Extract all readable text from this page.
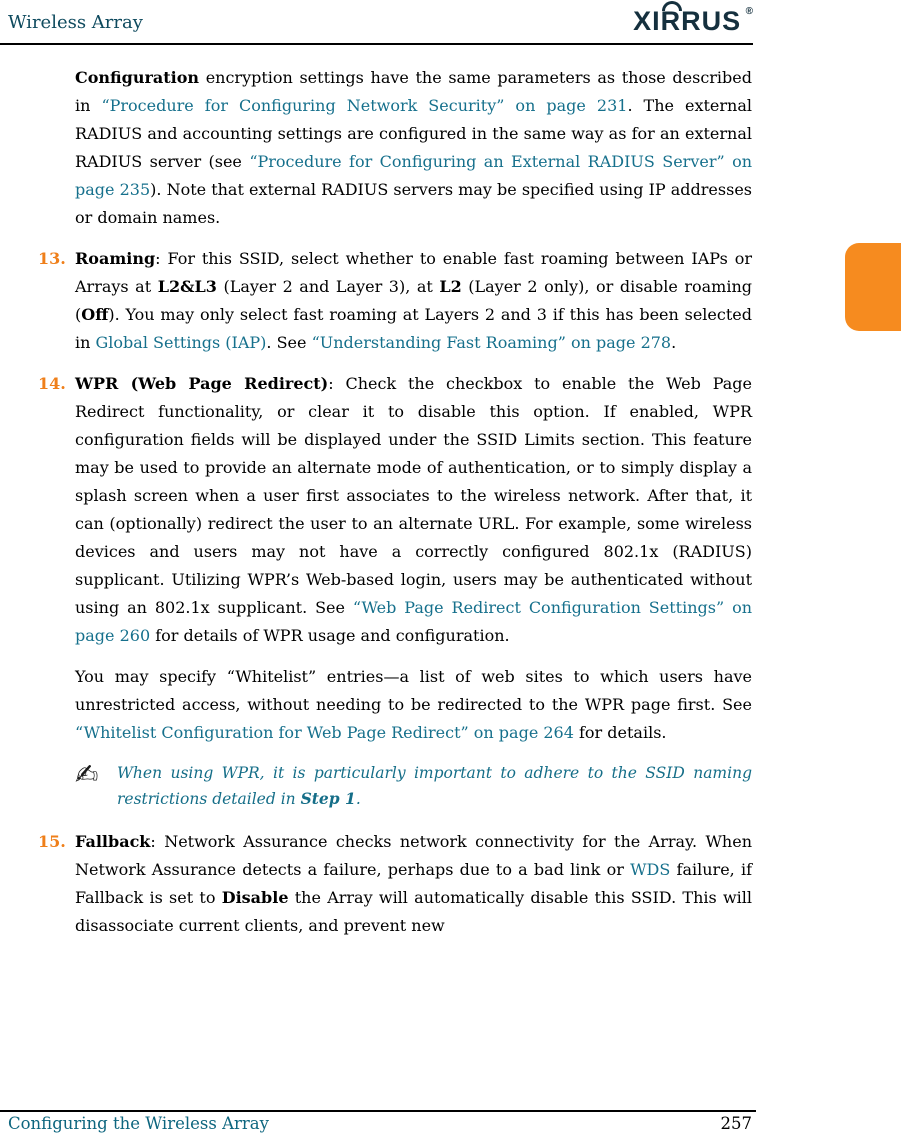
Wireless Array	XIRRUS ®

Configuration encryption settings have the same parameters as those described in “Procedure for Configuring Network Security” on page 231. The external RADIUS and accounting settings are configured in the same way as for an external RADIUS server (see “Procedure for Configuring an External RADIUS Server” on page 235). Note that external RADIUS servers may be specified using IP addresses or domain names.

13. Roaming: For this SSID, select whether to enable fast roaming between IAPs or Arrays at L2&L3 (Layer 2 and Layer 3), at L2 (Layer 2 only), or disable roaming (Off). You may only select fast roaming at Layers 2 and 3 if this has been selected in Global Settings (IAP). See “Understanding Fast Roaming” on page 278.

14. WPR (Web Page Redirect): Check the checkbox to enable the Web Page Redirect functionality, or clear it to disable this option. If enabled, WPR configuration fields will be displayed under the SSID Limits section. This feature may be used to provide an alternate mode of authentication, or to simply display a splash screen when a user first associates to the wireless network. After that, it can (optionally) redirect the user to an alternate URL. For example, some wireless devices and users may not have a correctly configured 802.1x (RADIUS) supplicant. Utilizing WPR’s Web-based login, users may be authenticated without using an 802.1x supplicant. See “Web Page Redirect Configuration Settings” on page 260 for details of WPR usage and configuration.

You may specify “Whitelist” entries—a list of web sites to which users have unrestricted access, without needing to be redirected to the WPR page first. See “Whitelist Configuration for Web Page Redirect” on page 264 for details.

✍	When using WPR, it is particularly important to adhere to the SSID naming restrictions detailed in Step 1.

15. Fallback: Network Assurance checks network connectivity for the Array. When Network Assurance detects a failure, perhaps due to a bad link or WDS failure, if Fallback is set to Disable the Array will automatically disable this SSID. This will disassociate current clients, and prevent new

Configuring the Wireless Array	257
